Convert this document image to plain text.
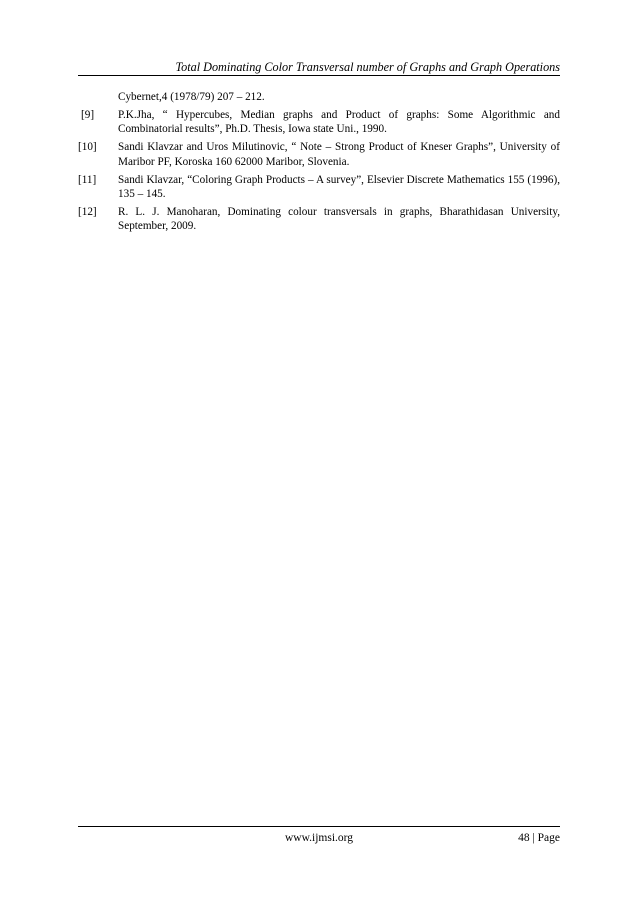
Total Dominating Color Transversal number of Graphs and Graph Operations
Cybernet,4 (1978/79) 207 – 212.
[9]	P.K.Jha, “ Hypercubes, Median graphs and Product of graphs: Some Algorithmic and Combinatorial results”, Ph.D. Thesis, Iowa state Uni., 1990.
[10]	Sandi Klavzar and Uros Milutinovic, “ Note – Strong Product of Kneser Graphs”, University of Maribor PF, Koroska 160 62000 Maribor, Slovenia.
[11]	Sandi Klavzar, “Coloring Graph Products – A survey”, Elsevier Discrete Mathematics 155 (1996), 135 – 145.
[12]	R. L. J. Manoharan, Dominating colour transversals in graphs, Bharathidasan University, September, 2009.
www.ijmsi.org	48 | Page
